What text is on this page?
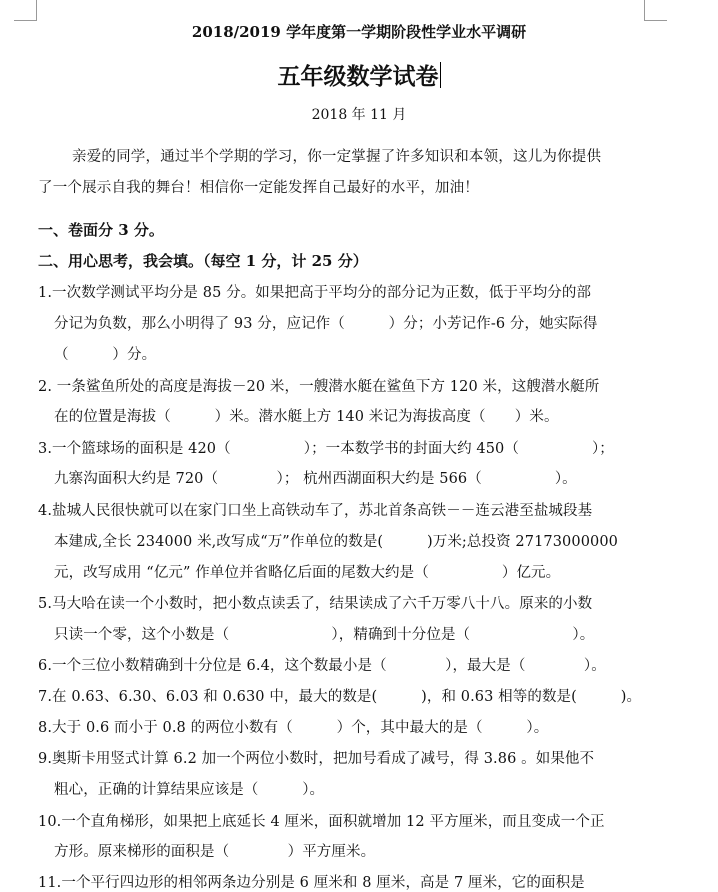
2018/2019 学年度第一学期阶段性学业水平调研
五年级数学试卷
2018 年 11 月
亲爱的同学，通过半个学期的学习，你一定掌握了许多知识和本领，这儿为你提供
了一个展示自我的舞台！相信你一定能发挥自己最好的水平，加油！
一、卷面分 3 分。
二、用心思考，我会填。（每空 1 分，计 25 分）
1.一次数学测试平均分是 85 分。如果把高于平均分的部分记为正数，低于平均分的部
分记为负数，那么小明得了 93 分，应记作（　　　）分；小芳记作-6 分，她实际得
（　　　）分。
2. 一条鲨鱼所处的高度是海拔－20 米，一艘潜水艇在鲨鱼下方 120 米，这艘潜水艇所
在的位置是海拔（　　　）米。潜水艇上方 140 米记为海拔高度（　　）米。
3.一个篮球场的面积是 420（　　　　　）；一本数学书的封面大约 450（　　　　　）；
九寨沟面积大约是 720（　　　　）； 杭州西湖面积大约是 566（　　　　　）。
4.盐城人民很快就可以在家门口坐上高铁动车了，苏北首条高铁－－连云港至盐城段基
本建成,全长 234000 米,改写成“万”作单位的数是(　　　)万米;总投资 27173000000
元，改写成用 “亿元” 作单位并省略亿后面的尾数大约是（　　　　　）亿元。
5.马大哈在读一个小数时，把小数点读丢了，结果读成了六千万零八十八。原来的小数
只读一个零，这个小数是（　　　　　　　），精确到十分位是（　　　　　　　）。
6.一个三位小数精确到十分位是 6.4，这个数最小是（　　　　），最大是（　　　　）。
7.在 0.63、6.30、6.03 和 0.630 中，最大的数是(　　　)，和 0.63 相等的数是(　　　)。
8.大于 0.6 而小于 0.8 的两位小数有（　　　）个，其中最大的是（　　　）。
9.奥斯卡用竖式计算 6.2 加一个两位小数时，把加号看成了减号，得 3.86 。如果他不
粗心，正确的计算结果应该是（　　　）。
10.一个直角梯形，如果把上底延长 4 厘米，面积就增加 12 平方厘米，而且变成一个正
方形。原来梯形的面积是（　　　　）平方厘米。
11.一个平行四边形的相邻两条边分别是 6 厘米和 8 厘米，高是 7 厘米，它的面积是
